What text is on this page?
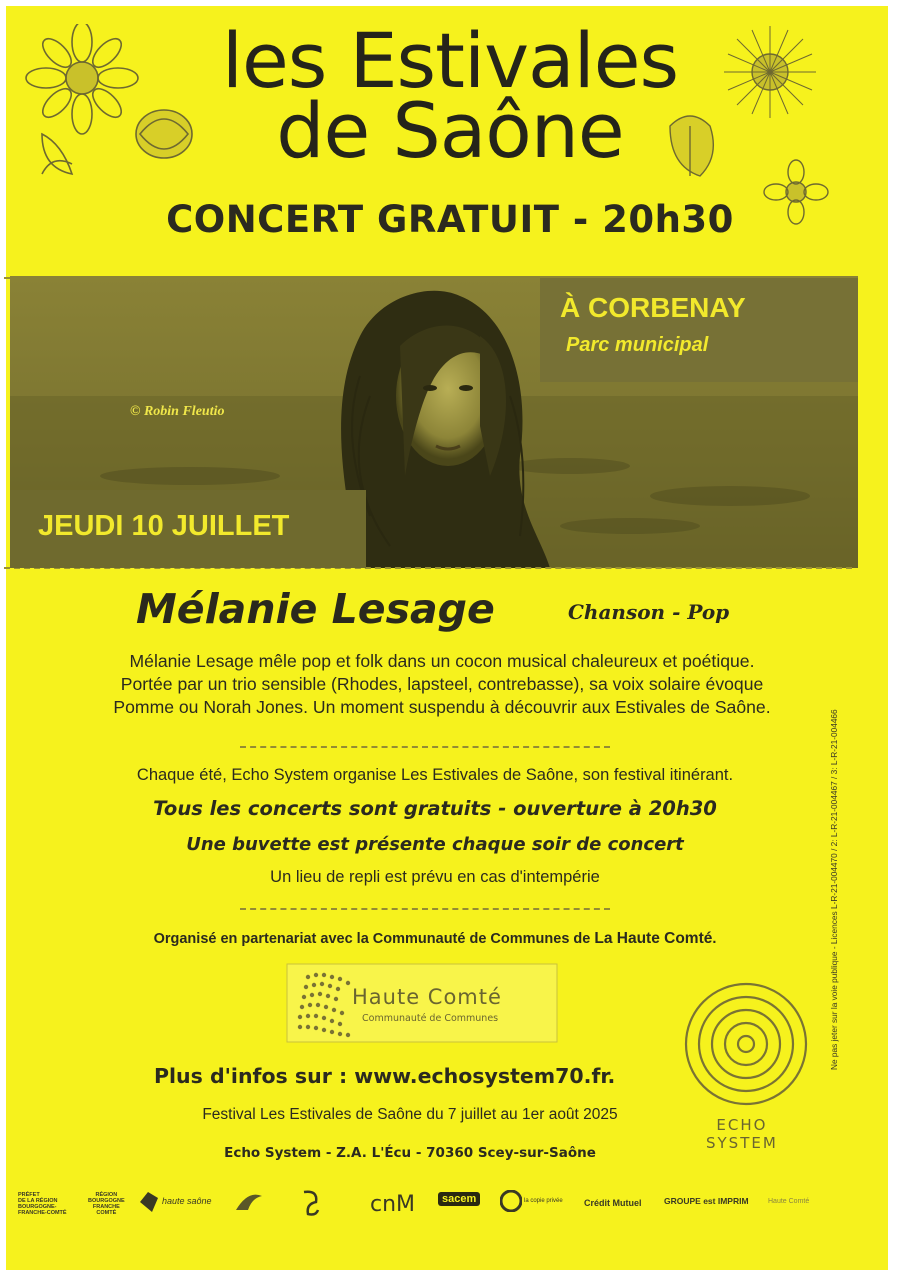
les Estivales
de Saône
CONCERT GRATUIT - 20h30
À CORBENAY
Parc municipal
© Robin Fleutio
JEUDI 10 JUILLET
Mélanie Lesage	Chanson - Pop
Mélanie Lesage mêle pop et folk dans un cocon musical chaleureux et poétique.
Portée par un trio sensible (Rhodes, lapsteel, contrebasse), sa voix solaire évoque
Pomme ou Norah Jones. Un moment suspendu à découvrir aux Estivales de Saône.
Chaque été, Echo System organise Les Estivales de Saône, son festival itinérant.
Tous les concerts sont gratuits - ouverture à 20h30
Une buvette est présente chaque soir de concert
Un lieu de repli est prévu en cas d'intempérie
Organisé en partenariat avec la Communauté de Communes de La Haute Comté.
Haute Comté
Communauté de Communes
ECHO
SYSTEM
Plus d'infos sur : www.echosystem70.fr.
Festival Les Estivales de Saône du 7 juillet au 1er août 2025
Echo System - Z.A. L'Écu - 70360 Scey-sur-Saône
Ne pas jeter sur la voie publique - Licences L-R-21-004470 / 2: L-R-21-004467 / 3: L-R-21-004466
PRÉFET
DE LA RÉGION
BOURGOGNE-
FRANCHE-COMTÉ
RÉGION
BOURGOGNE
FRANCHE
COMTÉ
haute saône	cnM	sacem	la copie privée Crédit Mutuel	GROUPE est IMPRIM	Haute Comté
